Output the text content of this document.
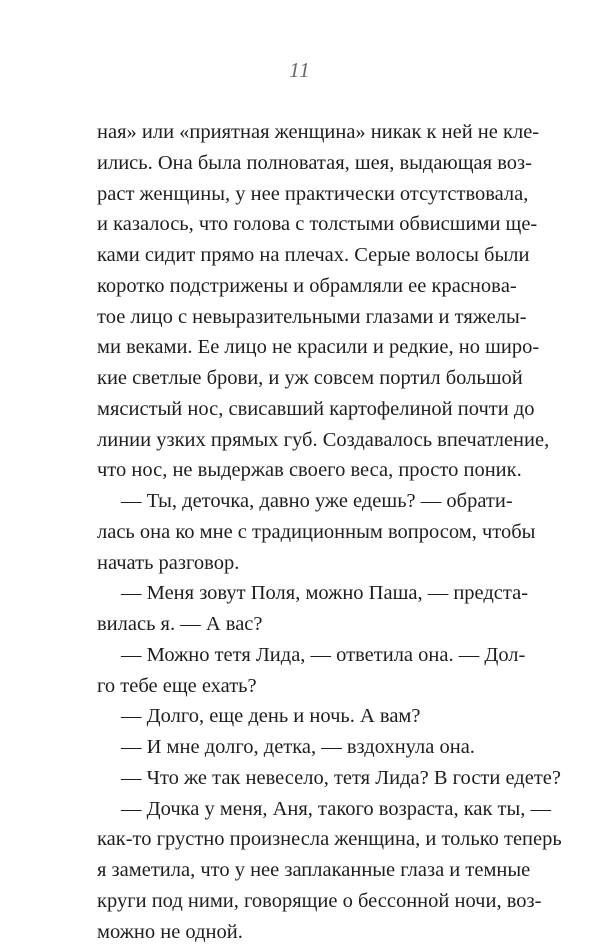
11
ная» или «приятная женщина» никак к ней не кле-
ились. Она была полноватая, шея, выдающая воз-
раст женщины, у нее практически отсутствовала,
и казалось, что голова с толстыми обвисшими ще-
ками сидит прямо на плечах. Серые волосы были
коротко подстрижены и обрамляли ее красновa-
тое лицо с невыразительными глазами и тяжелы-
ми веками. Ее лицо не красили и редкие, но широ-
кие светлые брови, и уж совсем портил большой
мясистый нос, свисавший картофелиной почти до
линии узких прямых губ. Создавалось впечатление,
что нос, не выдержав своего веса, просто поник.
— Ты, деточка, давно уже едешь? — обрати-
лась она ко мне с традиционным вопросом, чтобы
начать разговор.
— Меня зовут Поля, можно Паша, — предста-
вилась я. — А вас?
— Можно тетя Лида, — ответила она. — Дол-
го тебе еще ехать?
— Долго, еще день и ночь. А вам?
— И мне долго, детка, — вздохнула она.
— Что же так невесело, тетя Лида? В гости едете?
— Дочка у меня, Аня, такого возраста, как ты, —
как-то грустно произнесла женщина, и только теперь
я заметила, что у нее заплаканные глаза и темные
круги под ними, говорящие о бессонной ночи, воз-
можно не одной.
